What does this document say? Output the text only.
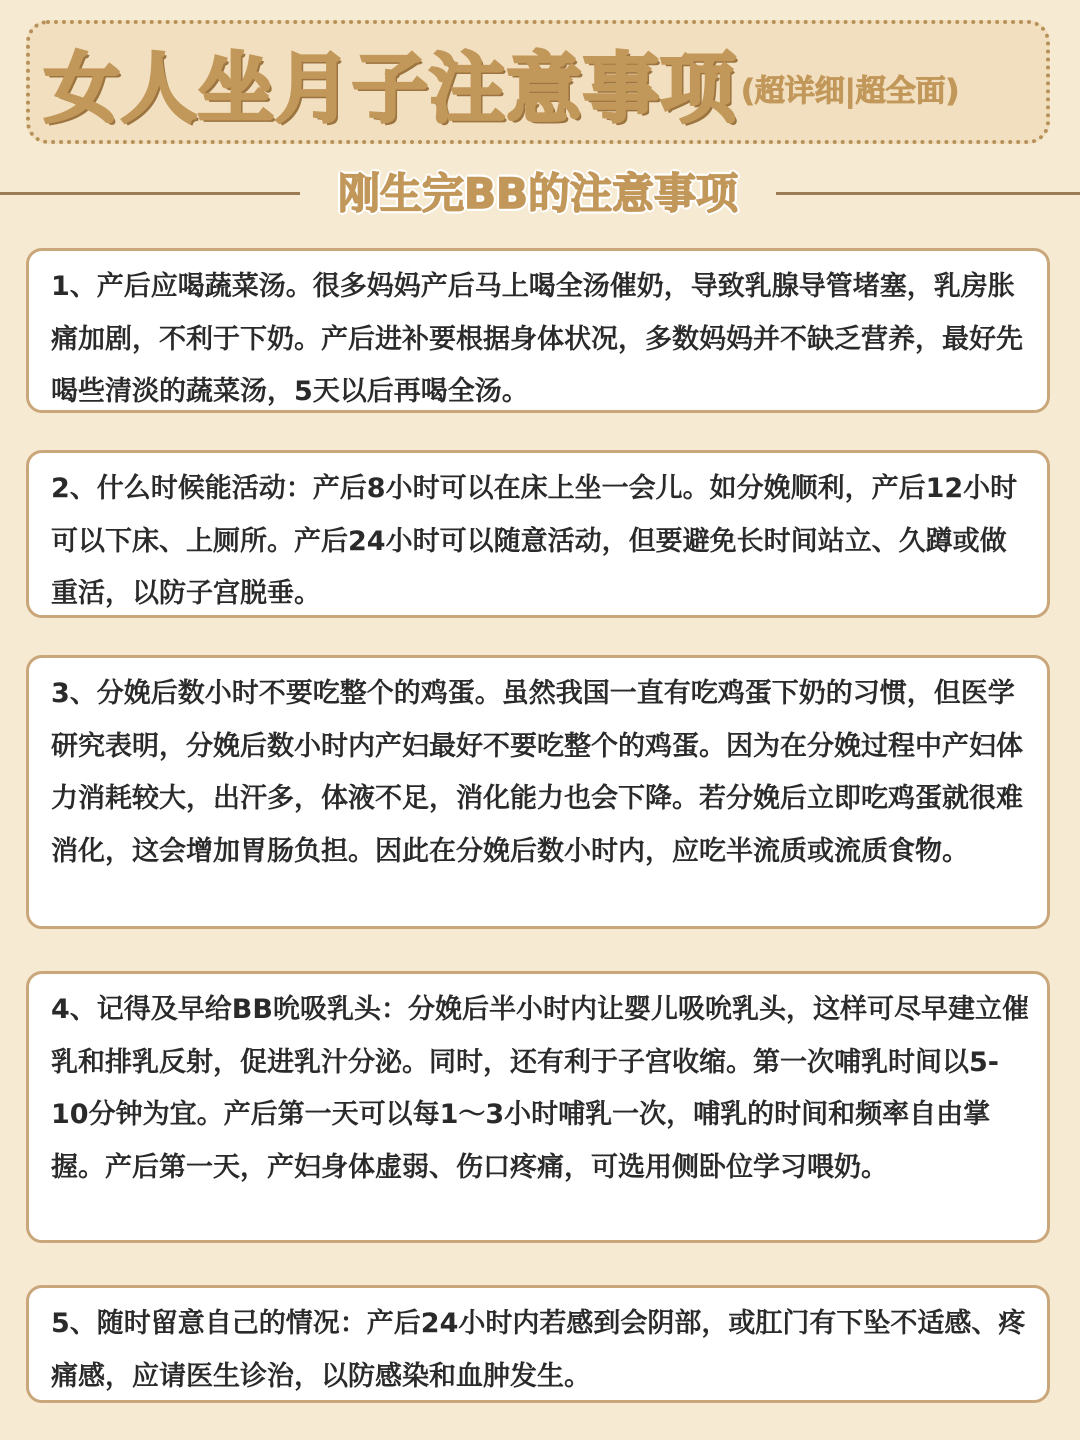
女人坐月子注意事项 (超详细|超全面)
刚生完BB的注意事项

1、产后应喝蔬菜汤。很多妈妈产后马上喝全汤催奶，导致乳腺导管堵塞，乳房胀痛加剧，不利于下奶。产后进补要根据身体状况，多数妈妈并不缺乏营养，最好先喝些清淡的蔬菜汤，5天以后再喝全汤。

2、什么时候能活动：产后8小时可以在床上坐一会儿。如分娩顺利，产后12小时可以下床、上厕所。产后24小时可以随意活动，但要避免长时间站立、久蹲或做重活，以防子宫脱垂。

3、分娩后数小时不要吃整个的鸡蛋。虽然我国一直有吃鸡蛋下奶的习惯，但医学研究表明，分娩后数小时内产妇最好不要吃整个的鸡蛋。因为在分娩过程中产妇体力消耗较大，出汗多，体液不足，消化能力也会下降。若分娩后立即吃鸡蛋就很难消化，这会增加胃肠负担。因此在分娩后数小时内，应吃半流质或流质食物。

4、记得及早给BB吮吸乳头：分娩后半小时内让婴儿吸吮乳头，这样可尽早建立催乳和排乳反射，促进乳汁分泌。同时，还有利于子宫收缩。第一次哺乳时间以5-10分钟为宜。产后第一天可以每1～3小时哺乳一次，哺乳的时间和频率自由掌握。产后第一天，产妇身体虚弱、伤口疼痛，可选用侧卧位学习喂奶。

5、随时留意自己的情况：产后24小时内若感到会阴部，或肛门有下坠不适感、疼痛感，应请医生诊治，以防感染和血肿发生。
